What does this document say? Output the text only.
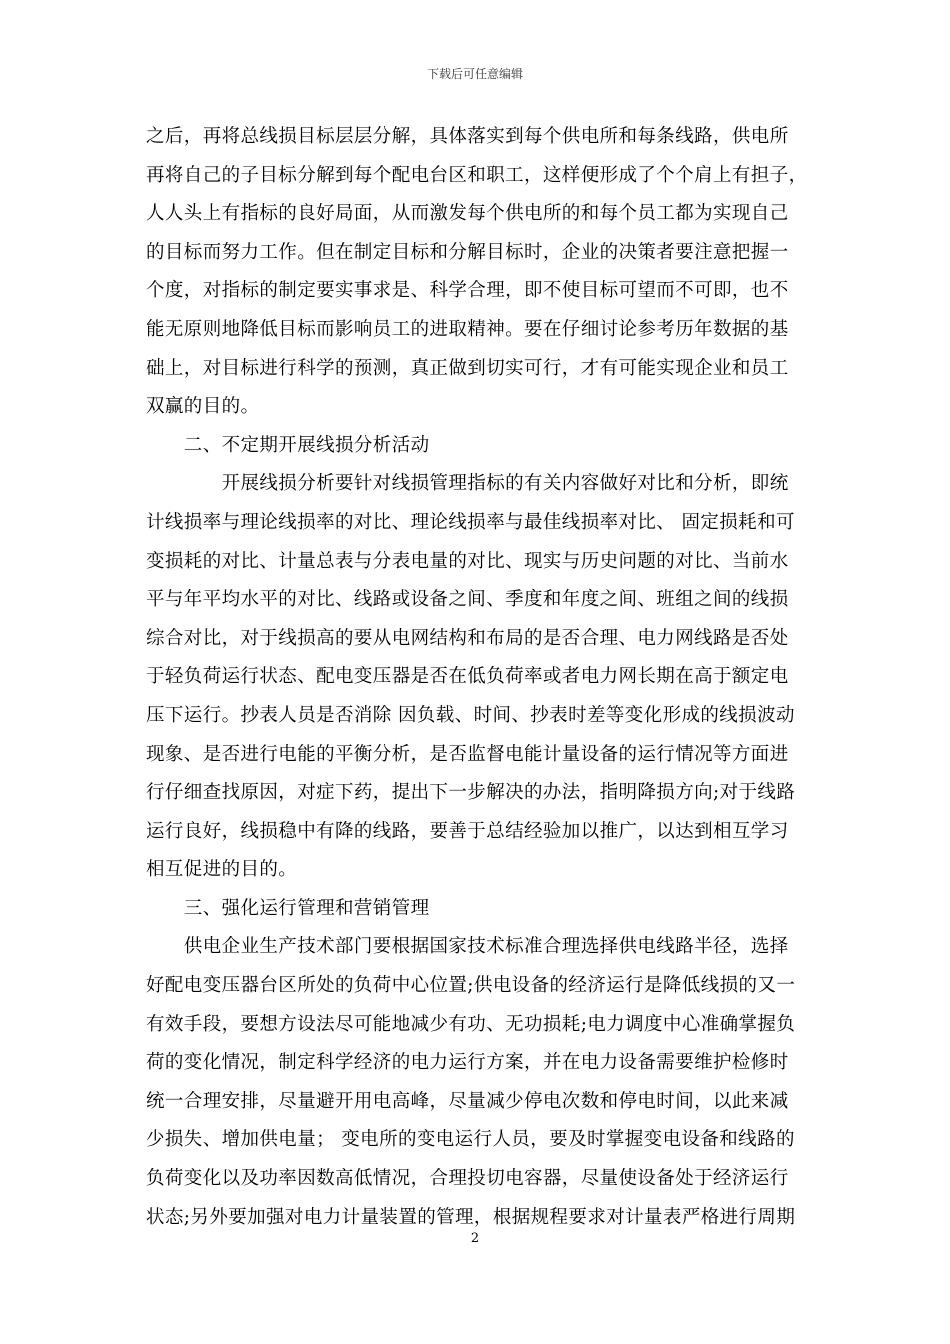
下载后可任意编辑
之后，再将总线损目标层层分解，具体落实到每个供电所和每条线路，供电所
再将自己的子目标分解到每个配电台区和职工，这样便形成了个个肩上有担子，
人人头上有指标的良好局面，从而激发每个供电所的和每个员工都为实现自己
的目标而努力工作。但在制定目标和分解目标时，企业的决策者要注意把握一
个度，对指标的制定要实事求是、科学合理，即不使目标可望而不可即，也不
能无原则地降低目标而影响员工的进取精神。要在仔细讨论参考历年数据的基
础上，对目标进行科学的预测，真正做到切实可行，才有可能实现企业和员工
双赢的目的。
　　二、不定期开展线损分析活动
　　　　开展线损分析要针对线损管理指标的有关内容做好对比和分析，即统
计线损率与理论线损率的对比、理论线损率与最佳线损率对比、 固定损耗和可
变损耗的对比、计量总表与分表电量的对比、现实与历史问题的对比、当前水
平与年平均水平的对比、线路或设备之间、季度和年度之间、班组之间的线损
综合对比，对于线损高的要从电网结构和布局的是否合理、电力网线路是否处
于轻负荷运行状态、配电变压器是否在低负荷率或者电力网长期在高于额定电
压下运行。抄表人员是否消除 因负载、时间、抄表时差等变化形成的线损波动
现象、是否进行电能的平衡分析，是否监督电能计量设备的运行情况等方面进
行仔细查找原因，对症下药，提出下一步解决的办法，指明降损方向;对于线路
运行良好，线损稳中有降的线路，要善于总结经验加以推广，以达到相互学习
相互促进的目的。
　　三、强化运行管理和营销管理
　　供电企业生产技术部门要根据国家技术标准合理选择供电线路半径，选择
好配电变压器台区所处的负荷中心位置;供电设备的经济运行是降低线损的又一
有效手段，要想方设法尽可能地减少有功、无功损耗;电力调度中心准确掌握负
荷的变化情况，制定科学经济的电力运行方案，并在电力设备需要维护检修时
统一合理安排，尽量避开用电高峰，尽量减少停电次数和停电时间，以此来减
少损失、增加供电量； 变电所的变电运行人员，要及时掌握变电设备和线路的
负荷变化以及功率因数高低情况，合理投切电容器，尽量使设备处于经济运行
状态;另外要加强对电力计量装置的管理，根据规程要求对计量表严格进行周期
2
